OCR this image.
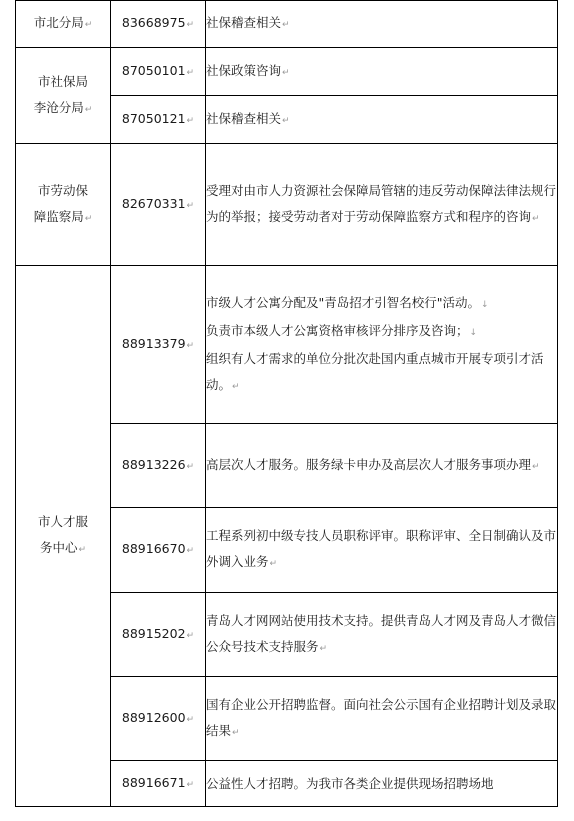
市北分局↵	83668975↵	社保稽查相关↵

市社保局
李沧分局↵	87050101↵	社保政策咨询↵
	87050121↵	社保稽查相关↵

市劳动保
障监察局↵	82670331↵	受理对由市人力资源社会保障局管辖的违反劳动保障法律法规行为的举报；接受劳动者对于劳动保障监察方式和程序的咨询↵

市人才服
务中心↵	88913379↵	市级人才公寓分配及"青岛招才引智名校行"活动。↓
负责市本级人才公寓资格审核评分排序及咨询；↓
组织有人才需求的单位分批次赴国内重点城市开展专项引才活动。↵

	88913226↵	高层次人才服务。服务绿卡申办及高层次人才服务事项办理↵
	88916670↵	工程系列初中级专技人员职称评审。职称评审、全日制确认及市外调入业务↵
	88915202↵	青岛人才网网站使用技术支持。提供青岛人才网及青岛人才微信公众号技术支持服务↵
	88912600↵	国有企业公开招聘监督。面向社会公示国有企业招聘计划及录取结果↵
	88916671↵	公益性人才招聘。为我市各类企业提供现场招聘场地
